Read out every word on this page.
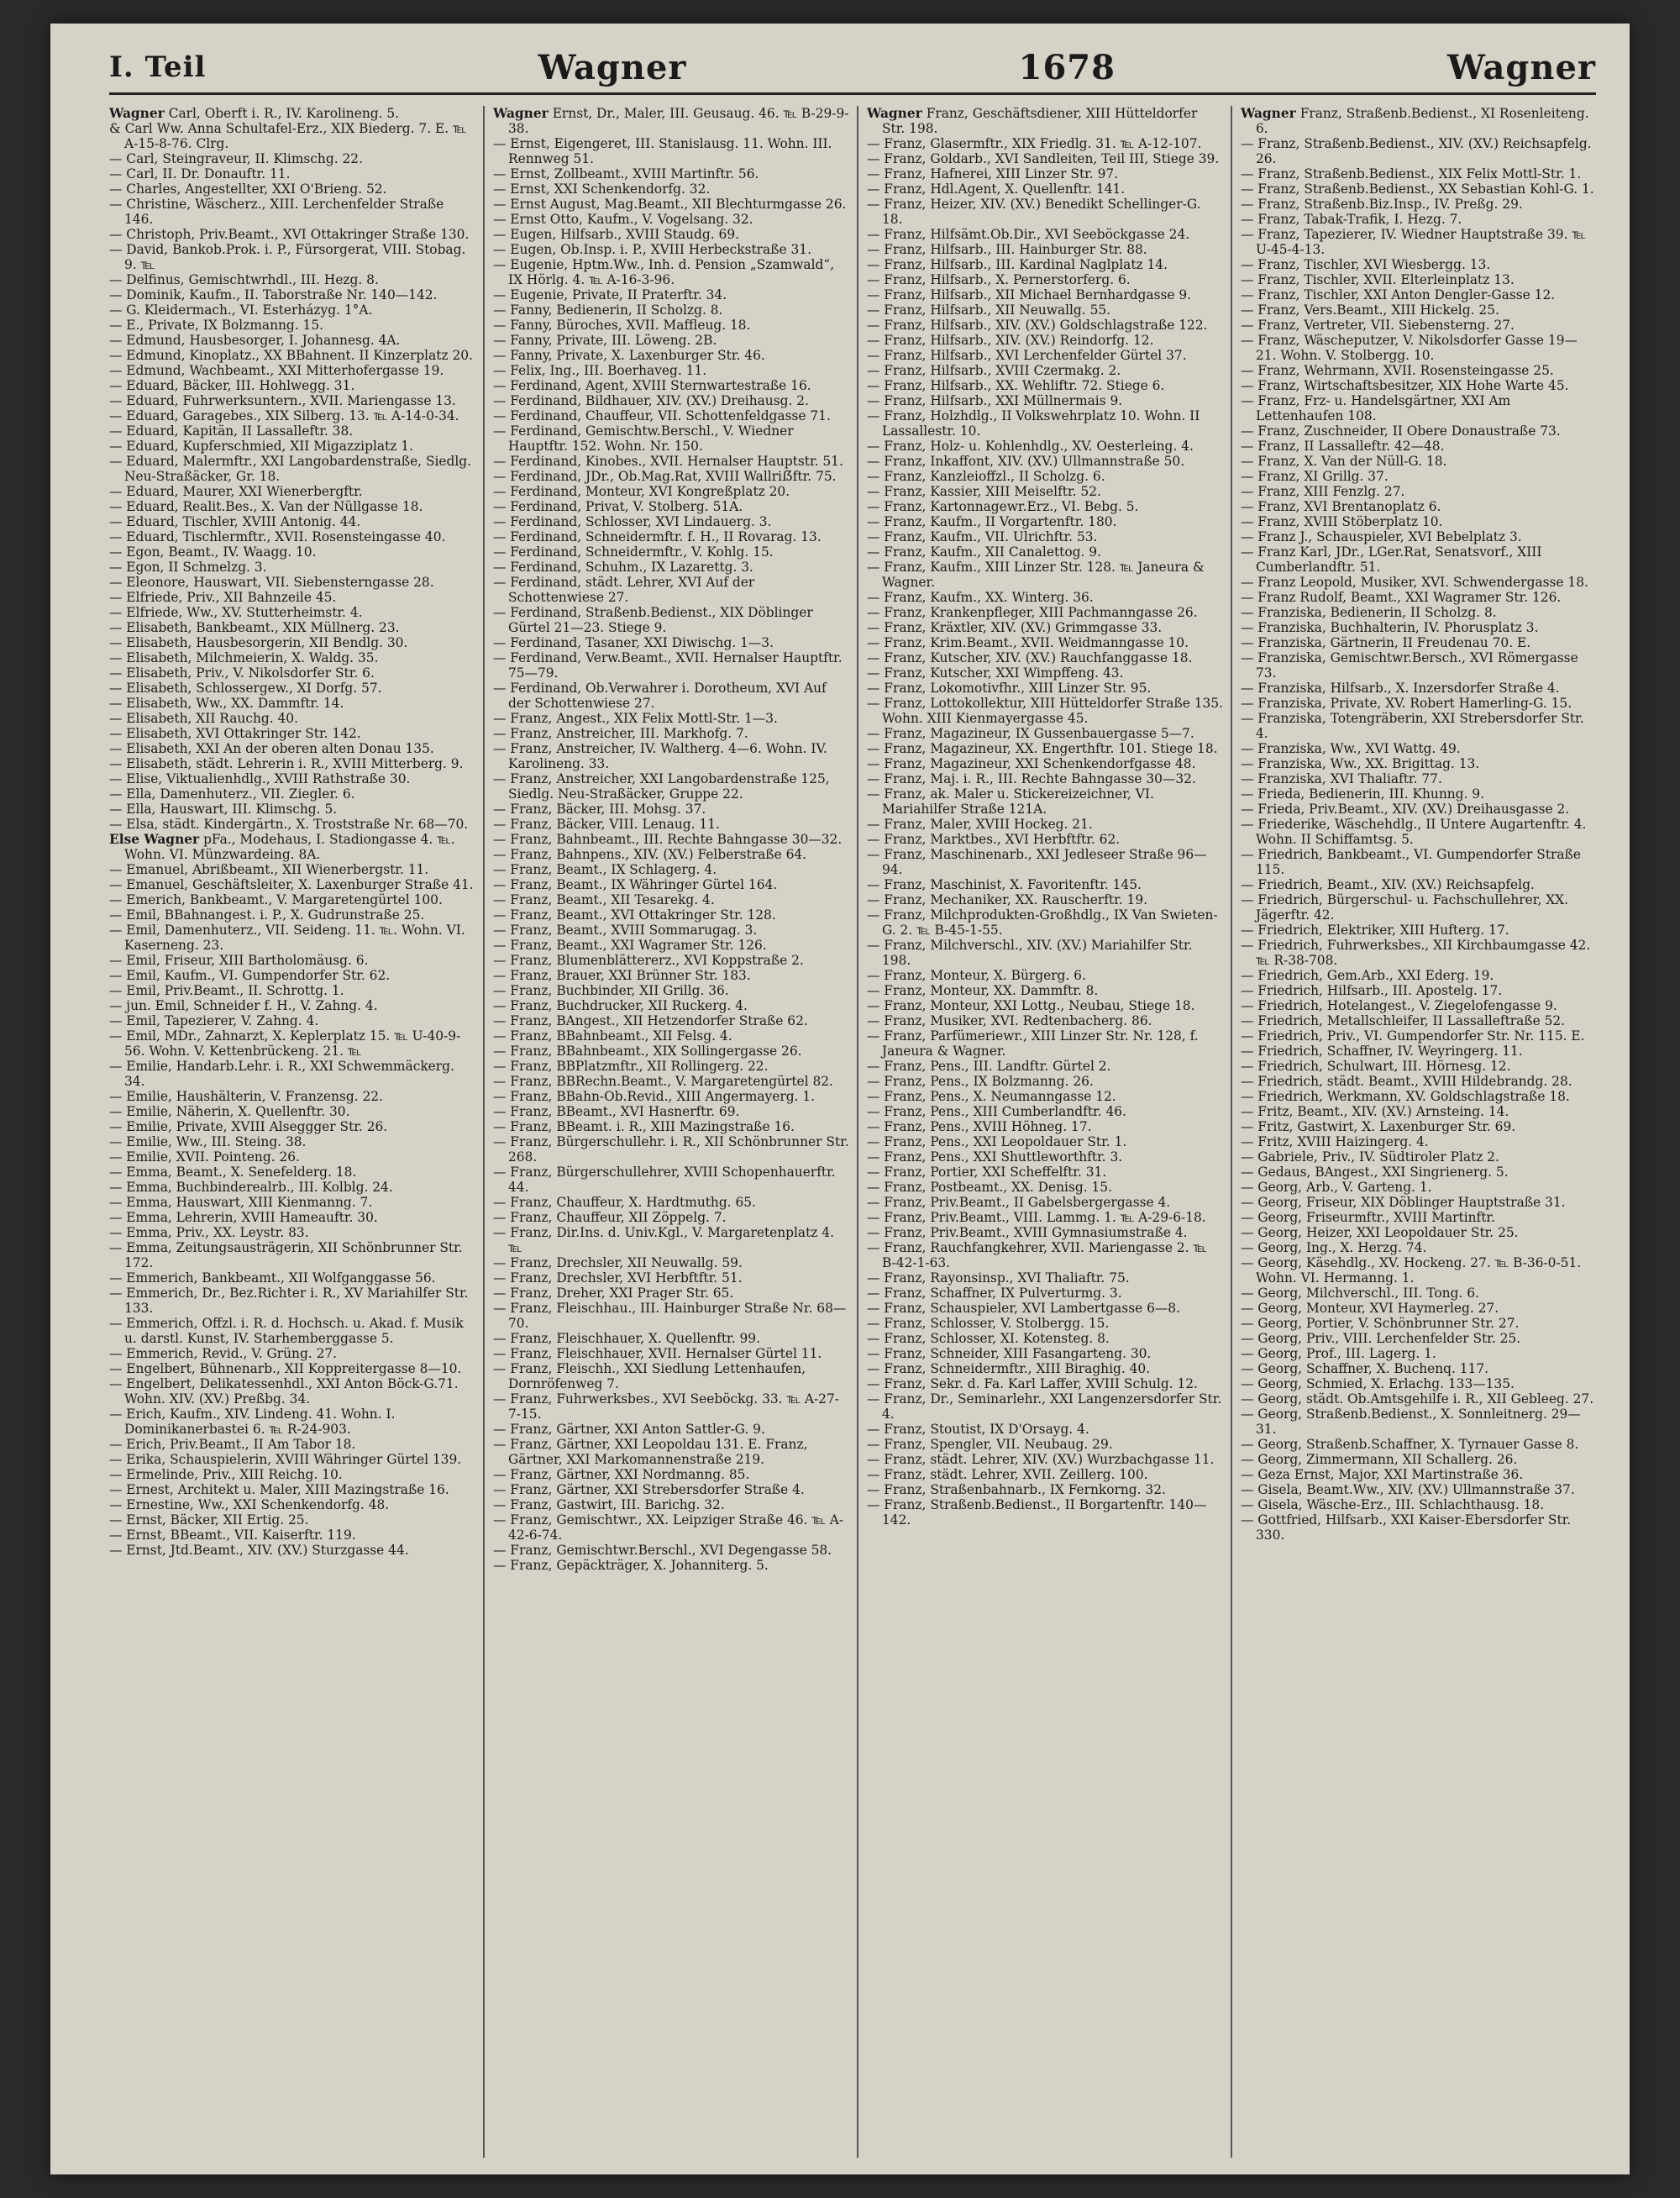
I. Teil	Wagner	1678	Wagner

Wagner Carl, Oberft i. R., IV. Karolineng. 5.

& Carl Ww. Anna Schultafel-Erz., XIX Biederg. 7. E. ℡ A-15-8-76. Clrg.

— Carl, Steingraveur, II. Klimschg. 22.

— Carl, II. Dr. Donauftr. 11.

— Charles, Angestellter, XXI O'Brieng. 52.

— Christine, Wäscherz., XIII. Lerchenfelder Straße 146.

— Christoph, Priv.Beamt., XVI Ottakringer Straße 130.

— David, Bankob.Prok. i. P., Fürsorgerat, VIII. Stobag. 9. ℡

— Delfinus, Gemischtwrhdl., III. Hezg. 8.

— Dominik, Kaufm., II. Taborstraße Nr. 140—142.

— G. Kleidermach., VI. Esterházyg. 1°A.

— E., Private, IX Bolzmanng. 15.

— Edmund, Hausbesorger, I. Johannesg. 4A.

— Edmund, Kinoplatz., XX BBahnent. II Kinzerplatz 20.

— Edmund, Wachbeamt., XXI Mitterhofergasse 19.

— Eduard, Bäcker, III. Hohlwegg. 31.

— Eduard, Fuhrwerksuntern., XVII. Mariengasse 13.

— Eduard, Garagebes., XIX Silberg. 13. ℡ A-14-0-34.

— Eduard, Kapitän, II Lassalleftr. 38.

— Eduard, Kupferschmied, XII Migazziplatz 1.

— Eduard, Malermftr., XXI Langobardenstraße, Siedlg. Neu-Straßäcker, Gr. 18.

— Eduard, Maurer, XXI Wienerbergftr.

— Eduard, Realit.Bes., X. Van der Nüllgasse 18.

— Eduard, Tischler, XVIII Antonig. 44.

— Eduard, Tischlermftr., XVII. Rosensteingasse 40.

— Egon, Beamt., IV. Waagg. 10.

— Egon, II Schmelzg. 3.

— Eleonore, Hauswart, VII. Siebensterngasse 28.

— Elfriede, Priv., XII Bahnzeile 45.

— Elfriede, Ww., XV. Stutterheimstr. 4.

— Elisabeth, Bankbeamt., XIX Müllnerg. 23.

— Elisabeth, Hausbesorgerin, XII Bendlg. 30.

— Elisabeth, Milchmeierin, X. Waldg. 35.

— Elisabeth, Priv., V. Nikolsdorfer Str. 6.

— Elisabeth, Schlossergew., XI Dorfg. 57.

— Elisabeth, Ww., XX. Dammftr. 14.

— Elisabeth, XII Rauchg. 40.

— Elisabeth, XVI Ottakringer Str. 142.

— Elisabeth, XXI An der oberen alten Donau 135.

— Elisabeth, städt. Lehrerin i. R., XVIII Mitterberg. 9.

— Elise, Viktualienhdlg., XVIII Rathstraße 30.

— Ella, Damenhuterz., VII. Ziegler. 6.

— Ella, Hauswart, III. Klimschg. 5.

— Elsa, städt. Kindergärtn., X. Troststraße Nr. 68—70.

Else Wagner pFa., Modehaus, I. Stadiongasse 4. ℡. Wohn. VI. Münzwardeing. 8A.

— Emanuel, Abrißbeamt., XII Wienerbergstr. 11.

— Emanuel, Geschäftsleiter, X. Laxenburger Straße 41.

— Emerich, Bankbeamt., V. Margaretengürtel 100.

— Emil, BBahnangest. i. P., X. Gudrunstraße 25.

— Emil, Damenhuterz., VII. Seideng. 11. ℡. Wohn. VI. Kaserneng. 23.

— Emil, Friseur, XIII Bartholomäusg. 6.

— Emil, Kaufm., VI. Gumpendorfer Str. 62.

— Emil, Priv.Beamt., II. Schrottg. 1.

— jun. Emil, Schneider f. H., V. Zahng. 4.

— Emil, Tapezierer, V. Zahng. 4.

— Emil, MDr., Zahnarzt, X. Keplerplatz 15. ℡ U-40-9-56. Wohn. V. Kettenbrückeng. 21. ℡

— Emilie, Handarb.Lehr. i. R., XXI Schwemmäckerg. 34.

— Emilie, Haushälterin, V. Franzensg. 22.

— Emilie, Näherin, X. Quellenftr. 30.

— Emilie, Private, XVIII Alseggger Str. 26.

— Emilie, Ww., III. Steing. 38.

— Emilie, XVII. Pointeng. 26.

— Emma, Beamt., X. Senefelderg. 18.

— Emma, Buchbinderealrb., III. Kolblg. 24.

— Emma, Hauswart, XIII Kienmanng. 7.

— Emma, Lehrerin, XVIII Hameauftr. 30.

— Emma, Priv., XX. Leystr. 83.

— Emma, Zeitungsausträgerin, XII Schönbrunner Str. 172.

— Emmerich, Bankbeamt., XII Wolfganggasse 56.

— Emmerich, Dr., Bez.Richter i. R., XV Mariahilfer Str. 133.

— Emmerich, Offzl. i. R. d. Hochsch. u. Akad. f. Musik u. darstl. Kunst, IV. Starhemberggasse 5.

— Emmerich, Revid., V. Grüng. 27.

— Engelbert, Bühnenarb., XII Koppreitergasse 8—10.

— Engelbert, Delikatessenhdl., XXI Anton Böck-G.71. Wohn. XIV. (XV.) Preßbg. 34.

— Erich, Kaufm., XIV. Lindeng. 41. Wohn. I. Dominikanerbastei 6. ℡ R-24-903.

— Erich, Priv.Beamt., II Am Tabor 18.

— Erika, Schauspielerin, XVIII Währinger Gürtel 139.

— Ermelinde, Priv., XIII Reichg. 10.

— Ernest, Architekt u. Maler, XIII Mazingstraße 16.

— Ernestine, Ww., XXI Schenkendorfg. 48.

— Ernst, Bäcker, XII Ertig. 25.

— Ernst, BBeamt., VII. Kaiserftr. 119.

— Ernst, Jtd.Beamt., XIV. (XV.) Sturzgasse 44.

Wagner Ernst, Dr., Maler, III. Geusaug. 46. ℡ B-29-9-38.

— Ernst, Eigengeret, III. Stanislausg. 11. Wohn. III. Rennweg 51.

— Ernst, Zollbeamt., XVIII Martinftr. 56.

— Ernst, XXI Schenkendorfg. 32.

— Ernst August, Mag.Beamt., XII Blechturmgasse 26.

— Ernst Otto, Kaufm., V. Vogelsang. 32.

— Eugen, Hilfsarb., XVIII Staudg. 69.

— Eugen, Ob.Insp. i. P., XVIII Herbeckstraße 31.

— Eugenie, Hptm.Ww., Inh. d. Pension „Szamwald“, IX Hörlg. 4. ℡ A-16-3-96.

— Eugenie, Private, II Praterftr. 34.

— Fanny, Bedienerin, II Scholzg. 8.

— Fanny, Büroches, XVII. Maffleug. 18.

— Fanny, Private, III. Löweng. 2B.

— Fanny, Private, X. Laxenburger Str. 46.

— Felix, Ing., III. Boerhaveg. 11.

— Ferdinand, Agent, XVIII Sternwartestraße 16.

— Ferdinand, Bildhauer, XIV. (XV.) Dreihausg. 2.

— Ferdinand, Chauffeur, VII. Schottenfeldgasse 71.

— Ferdinand, Gemischtw.Berschl., V. Wiedner Hauptftr. 152. Wohn. Nr. 150.

— Ferdinand, Kinobes., XVII. Hernalser Hauptstr. 51.

— Ferdinand, JDr., Ob.Mag.Rat, XVIII Wallriẞftr. 75.

— Ferdinand, Monteur, XVI Kongreßplatz 20.

— Ferdinand, Privat, V. Stolberg. 51A.

— Ferdinand, Schlosser, XVI Lindauerg. 3.

— Ferdinand, Schneidermftr. f. H., II Rovarag. 13.

— Ferdinand, Schneidermftr., V. Kohlg. 15.

— Ferdinand, Schuhm., IX Lazarettg. 3.

— Ferdinand, städt. Lehrer, XVI Auf der Schottenwiese 27.

— Ferdinand, Straßenb.Bedienst., XIX Döblinger Gürtel 21—23. Stiege 9.

— Ferdinand, Tasaner, XXI Diwischg. 1—3.

— Ferdinand, Verw.Beamt., XVII. Hernalser Hauptftr. 75—79.

— Ferdinand, Ob.Verwahrer i. Dorotheum, XVI Auf der Schottenwiese 27.

— Franz, Angest., XIX Felix Mottl-Str. 1—3.

— Franz, Anstreicher, III. Markhofg. 7.

— Franz, Anstreicher, IV. Waltherg. 4—6. Wohn. IV. Karolineng. 33.

— Franz, Anstreicher, XXI Langobardenstraße 125, Siedlg. Neu-Straßäcker, Gruppe 22.

— Franz, Bäcker, III. Mohsg. 37.

— Franz, Bäcker, VIII. Lenaug. 11.

— Franz, Bahnbeamt., III. Rechte Bahngasse 30—32.

— Franz, Bahnpens., XIV. (XV.) Felberstraße 64.

— Franz, Beamt., IX Schlagerg. 4.

— Franz, Beamt., IX Währinger Gürtel 164.

— Franz, Beamt., XII Tesarekg. 4.

— Franz, Beamt., XVI Ottakringer Str. 128.

— Franz, Beamt., XVIII Sommarugag. 3.

— Franz, Beamt., XXI Wagramer Str. 126.

— Franz, Blumenblättererz., XVI Koppstraße 2.

— Franz, Brauer, XXI Brünner Str. 183.

— Franz, Buchbinder, XII Grillg. 36.

— Franz, Buchdrucker, XII Ruckerg. 4.

— Franz, BAngest., XII Hetzendorfer Straße 62.

— Franz, BBahnbeamt., XII Felsg. 4.

— Franz, BBahnbeamt., XIX Sollingergasse 26.

— Franz, BBPlatzmftr., XII Rollingerg. 22.

— Franz, BBRechn.Beamt., V. Margaretengürtel 82.

— Franz, BBahn-Ob.Revid., XIII Angermayerg. 1.

— Franz, BBeamt., XVI Hasnerftr. 69.

— Franz, BBeamt. i. R., XIII Mazingstraße 16.

— Franz, Bürgerschullehr. i. R., XII Schönbrunner Str. 268.

— Franz, Bürgerschullehrer, XVIII Schopenhauerftr. 44.

— Franz, Chauffeur, X. Hardtmuthg. 65.

— Franz, Chauffeur, XII Zöppelg. 7.

— Franz, Dir.Ins. d. Univ.Kgl., V. Margaretenplatz 4. ℡

— Franz, Drechsler, XII Neuwallg. 59.

— Franz, Drechsler, XVI Herbftftr. 51.

— Franz, Dreher, XXI Prager Str. 65.

— Franz, Fleischhau., III. Hainburger Straße Nr. 68—70.

— Franz, Fleischhauer, X. Quellenftr. 99.

— Franz, Fleischhauer, XVII. Hernalser Gürtel 11.

— Franz, Fleischh., XXI Siedlung Lettenhaufen, Dornröfenweg 7.

— Franz, Fuhrwerksbes., XVI Seeböckg. 33. ℡ A-27-7-15.

— Franz, Gärtner, XXI Anton Sattler-G. 9.

— Franz, Gärtner, XXI Leopoldau 131. E. Franz, Gärtner, XXI Markomannenstraße 219.

— Franz, Gärtner, XXI Nordmanng. 85.

— Franz, Gärtner, XXI Strebersdorfer Straße 4.

— Franz, Gastwirt, III. Barichg. 32.

— Franz, Gemischtwr., XX. Leipziger Straße 46. ℡ A-42-6-74.

— Franz, Gemischtwr.Berschl., XVI Degengasse 58.

— Franz, Gepäckträger, X. Johanniterg. 5.

Wagner Franz, Geschäftsdiener, XIII Hütteldorfer Str. 198.

— Franz, Glasermftr., XIX Friedlg. 31. ℡ A-12-107.

— Franz, Goldarb., XVI Sandleiten, Teil III, Stiege 39.

— Franz, Hafnerei, XIII Linzer Str. 97.

— Franz, Hdl.Agent, X. Quellenftr. 141.

— Franz, Heizer, XIV. (XV.) Benedikt Schellinger-G. 18.

— Franz, Hilfsämt.Ob.Dir., XVI Seeböckgasse 24.

— Franz, Hilfsarb., III. Hainburger Str. 88.

— Franz, Hilfsarb., III. Kardinal Naglplatz 14.

— Franz, Hilfsarb., X. Pernerstorferg. 6.

— Franz, Hilfsarb., XII Michael Bernhardgasse 9.

— Franz, Hilfsarb., XII Neuwallg. 55.

— Franz, Hilfsarb., XIV. (XV.) Goldschlagstraße 122.

— Franz, Hilfsarb., XIV. (XV.) Reindorfg. 12.

— Franz, Hilfsarb., XVI Lerchenfelder Gürtel 37.

— Franz, Hilfsarb., XVIII Czermakg. 2.

— Franz, Hilfsarb., XX. Wehliftr. 72. Stiege 6.

— Franz, Hilfsarb., XXI Müllnermais 9.

— Franz, Holzhdlg., II Volkswehrplatz 10. Wohn. II Lassallestr. 10.

— Franz, Holz- u. Kohlenhdlg., XV. Oesterleing. 4.

— Franz, Inkaffont, XIV. (XV.) Ullmannstraße 50.

— Franz, Kanzleioffzl., II Scholzg. 6.

— Franz, Kassier, XIII Meiselftr. 52.

— Franz, Kartonnagewr.Erz., VI. Bebg. 5.

— Franz, Kaufm., II Vorgartenftr. 180.

— Franz, Kaufm., VII. Ulrichftr. 53.

— Franz, Kaufm., XII Canalettog. 9.

— Franz, Kaufm., XIII Linzer Str. 128. ℡ Janeura & Wagner.

— Franz, Kaufm., XX. Winterg. 36.

— Franz, Krankenpfleger, XIII Pachmanngasse 26.

— Franz, Kräxtler, XIV. (XV.) Grimmgasse 33.

— Franz, Krim.Beamt., XVII. Weidmanngasse 10.

— Franz, Kutscher, XIV. (XV.) Rauchfanggasse 18.

— Franz, Kutscher, XXI Wimpffeng. 43.

— Franz, Lokomotivfhr., XIII Linzer Str. 95.

— Franz, Lottokollektur, XIII Hütteldorfer Straße 135. Wohn. XIII Kienmayergasse 45.

— Franz, Magazineur, IX Gussenbauergasse 5—7.

— Franz, Magazineur, XX. Engerthftr. 101. Stiege 18.

— Franz, Magazineur, XXI Schenkendorfgasse 48.

— Franz, Maj. i. R., III. Rechte Bahngasse 30—32.

— Franz, ak. Maler u. Stickereizeichner, VI. Mariahilfer Straße 121A.

— Franz, Maler, XVIII Hockeg. 21.

— Franz, Marktbes., XVI Herbftftr. 62.

— Franz, Maschinenarb., XXI Jedleseer Straße 96—94.

— Franz, Maschinist, X. Favoritenftr. 145.

— Franz, Mechaniker, XX. Rauscherftr. 19.

— Franz, Milchprodukten-Großhdlg., IX Van Swieten-G. 2. ℡ B-45-1-55.

— Franz, Milchverschl., XIV. (XV.) Mariahilfer Str. 198.

— Franz, Monteur, X. Bürgerg. 6.

— Franz, Monteur, XX. Dammftr. 8.

— Franz, Monteur, XXI Lottg., Neubau, Stiege 18.

— Franz, Musiker, XVI. Redtenbacherg. 86.

— Franz, Parfümeriewr., XIII Linzer Str. Nr. 128, f. Janeura & Wagner.

— Franz, Pens., III. Landftr. Gürtel 2.

— Franz, Pens., IX Bolzmanng. 26.

— Franz, Pens., X. Neumanngasse 12.

— Franz, Pens., XIII Cumberlandftr. 46.

— Franz, Pens., XVIII Höhneg. 17.

— Franz, Pens., XXI Leopoldauer Str. 1.

— Franz, Pens., XXI Shuttleworthftr. 3.

— Franz, Portier, XXI Scheffelftr. 31.

— Franz, Postbeamt., XX. Denisg. 15.

— Franz, Priv.Beamt., II Gabelsbergergasse 4.

— Franz, Priv.Beamt., VIII. Lammg. 1. ℡ A-29-6-18.

— Franz, Priv.Beamt., XVIII Gymnasiumstraße 4.

— Franz, Rauchfangkehrer, XVII. Mariengasse 2. ℡ B-42-1-63.

— Franz, Rayonsinsp., XVI Thaliaftr. 75.

— Franz, Schaffner, IX Pulverturmg. 3.

— Franz, Schauspieler, XVI Lambertgasse 6—8.

— Franz, Schlosser, V. Stolbergg. 15.

— Franz, Schlosser, XI. Kotensteg. 8.

— Franz, Schneider, XIII Fasangarteng. 30.

— Franz, Schneidermftr., XIII Biraghig. 40.

— Franz, Sekr. d. Fa. Karl Laffer, XVIII Schulg. 12.

— Franz, Dr., Seminarlehr., XXI Langenzersdorfer Str. 4.

— Franz, Stoutist, IX D'Orsayg. 4.

— Franz, Spengler, VII. Neubaug. 29.

— Franz, städt. Lehrer, XIV. (XV.) Wurzbachgasse 11.

— Franz, städt. Lehrer, XVII. Zeillerg. 100.

— Franz, Straßenbahnarb., IX Fernkorng. 32.

— Franz, Straßenb.Bedienst., II Borgartenftr. 140—142.

Wagner Franz, Straßenb.Bedienst., XI Rosenleiteng. 6.

— Franz, Straßenb.Bedienst., XIV. (XV.) Reichsapfelg. 26.

— Franz, Straßenb.Bedienst., XIX Felix Mottl-Str. 1.

— Franz, Straßenb.Bedienst., XX Sebastian Kohl-G. 1.

— Franz, Straßenb.Biz.Insp., IV. Preßg. 29.

— Franz, Tabak-Trafik, I. Hezg. 7.

— Franz, Tapezierer, IV. Wiedner Hauptstraße 39. ℡ U-45-4-13.

— Franz, Tischler, XVI Wiesbergg. 13.

— Franz, Tischler, XVII. Elterleinplatz 13.

— Franz, Tischler, XXI Anton Dengler-Gasse 12.

— Franz, Vers.Beamt., XIII Hickelg. 25.

— Franz, Vertreter, VII. Siebensterng. 27.

— Franz, Wäscheputzer, V. Nikolsdorfer Gasse 19—21. Wohn. V. Stolbergg. 10.

— Franz, Wehrmann, XVII. Rosensteingasse 25.

— Franz, Wirtschaftsbesitzer, XIX Hohe Warte 45.

— Franz, Frz- u. Handelsgärtner, XXI Am Lettenhaufen 108.

— Franz, Zuschneider, II Obere Donaustraße 73.

— Franz, II Lassalleftr. 42—48.

— Franz, X. Van der Nüll-G. 18.

— Franz, XI Grillg. 37.

— Franz, XIII Fenzlg. 27.

— Franz, XVI Brentanoplatz 6.

— Franz, XVIII Stöberplatz 10.

— Franz J., Schauspieler, XVI Bebelplatz 3.

— Franz Karl, JDr., LGer.Rat, Senatsvorf., XIII Cumberlandftr. 51.

— Franz Leopold, Musiker, XVI. Schwendergasse 18.

— Franz Rudolf, Beamt., XXI Wagramer Str. 126.

— Franziska, Bedienerin, II Scholzg. 8.

— Franziska, Buchhalterin, IV. Phorusplatz 3.

— Franziska, Gärtnerin, II Freudenau 70. E.

— Franziska, Gemischtwr.Bersch., XVI Römergasse 73.

— Franziska, Hilfsarb., X. Inzersdorfer Straße 4.

— Franziska, Private, XV. Robert Hamerling-G. 15.

— Franziska, Totengräberin, XXI Strebersdorfer Str. 4.

— Franziska, Ww., XVI Wattg. 49.

— Franziska, Ww., XX. Brigittag. 13.

— Franziska, XVI Thaliaftr. 77.

— Frieda, Bedienerin, III. Khunng. 9.

— Frieda, Priv.Beamt., XIV. (XV.) Dreihausgasse 2.

— Friederike, Wäschehdlg., II Untere Augartenftr. 4. Wohn. II Schiffamtsg. 5.

— Friedrich, Bankbeamt., VI. Gumpendorfer Straße 115.

— Friedrich, Beamt., XIV. (XV.) Reichsapfelg.

— Friedrich, Bürgerschul- u. Fachschullehrer, XX. Jägerftr. 42.

— Friedrich, Elektriker, XIII Hufterg. 17.

— Friedrich, Fuhrwerksbes., XII Kirchbaumgasse 42. ℡ R-38-708.

— Friedrich, Gem.Arb., XXI Ederg. 19.

— Friedrich, Hilfsarb., III. Apostelg. 17.

— Friedrich, Hotelangest., V. Ziegelofengasse 9.

— Friedrich, Metallschleifer, II Lassalleftraße 52.

— Friedrich, Priv., VI. Gumpendorfer Str. Nr. 115. E.

— Friedrich, Schaffner, IV. Weyringerg. 11.

— Friedrich, Schulwart, III. Hörnesg. 12.

— Friedrich, städt. Beamt., XVIII Hildebrandg. 28.

— Friedrich, Werkmann, XV. Goldschlagstraße 18.

— Fritz, Beamt., XIV. (XV.) Arnsteing. 14.

— Fritz, Gastwirt, X. Laxenburger Str. 69.

— Fritz, XVIII Haizingerg. 4.

— Gabriele, Priv., IV. Südtiroler Platz 2.

— Gedaus, BAngest., XXI Singrienerg. 5.

— Georg, Arb., V. Garteng. 1.

— Georg, Friseur, XIX Döblinger Hauptstraße 31.

— Georg, Friseurmftr., XVIII Martinftr.

— Georg, Heizer, XXI Leopoldauer Str. 25.

— Georg, Ing., X. Herzg. 74.

— Georg, Käsehdlg., XV. Hockeng. 27. ℡ B-36-0-51. Wohn. VI. Hermanng. 1.

— Georg, Milchverschl., III. Tong. 6.

— Georg, Monteur, XVI Haymerleg. 27.

— Georg, Portier, V. Schönbrunner Str. 27.

— Georg, Priv., VIII. Lerchenfelder Str. 25.

— Georg, Prof., III. Lagerg. 1.

— Georg, Schaffner, X. Buchenq. 117.

— Georg, Schmied, X. Erlachg. 133—135.

— Georg, städt. Ob.Amtsgehilfe i. R., XII Gebleeg. 27.

— Georg, Straßenb.Bedienst., X. Sonnleitnerg. 29—31.

— Georg, Straßenb.Schaffner, X. Tyrnauer Gasse 8.

— Georg, Zimmermann, XII Schallerg. 26.

— Geza Ernst, Major, XXI Martinstraße 36.

— Gisela, Beamt.Ww., XIV. (XV.) Ullmannstraße 37.

— Gisela, Wäsche-Erz., III. Schlachthausg. 18.

— Gottfried, Hilfsarb., XXI Kaiser-Ebersdorfer Str. 330.
